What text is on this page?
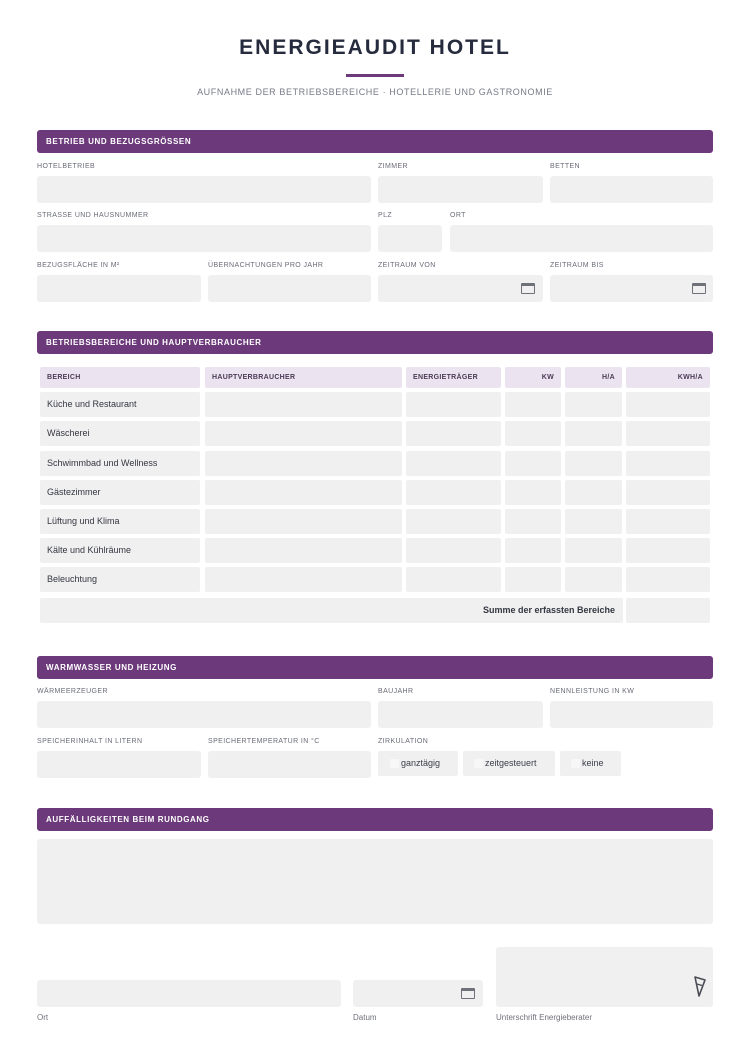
ENERGIEAUDIT HOTEL
AUFNAHME DER BETRIEBSBEREICHE · HOTELLERIE UND GASTRONOMIE
BETRIEB UND BEZUGSGRÖSSEN
HOTELBETRIEB	ZIMMER	BETTEN
STRASSE UND HAUSNUMMER	PLZ	ORT
BEZUGSFLÄCHE IN M²	ÜBERNACHTUNGEN PRO JAHR	ZEITRAUM VON	ZEITRAUM BIS
BETRIEBSBEREICHE UND HAUPTVERBRAUCHER
BEREICH	HAUPTVERBRAUCHER	ENERGIETRÄGER	KW	H/A	KWH/A
Küche und Restaurant
Wäscherei
Schwimmbad und Wellness
Gästezimmer
Lüftung und Klima
Kälte und Kühlräume
Beleuchtung
Summe der erfassten Bereiche
WARMWASSER UND HEIZUNG
WÄRMEERZEUGER	BAUJAHR	NENNLEISTUNG IN KW
SPEICHERINHALT IN LITERN	SPEICHERTEMPERATUR IN °C	ZIRKULATION
ganztägig	zeitgesteuert	keine
AUFFÄLLIGKEITEN BEIM RUNDGANG
Ort	Datum	Unterschrift Energieberater
